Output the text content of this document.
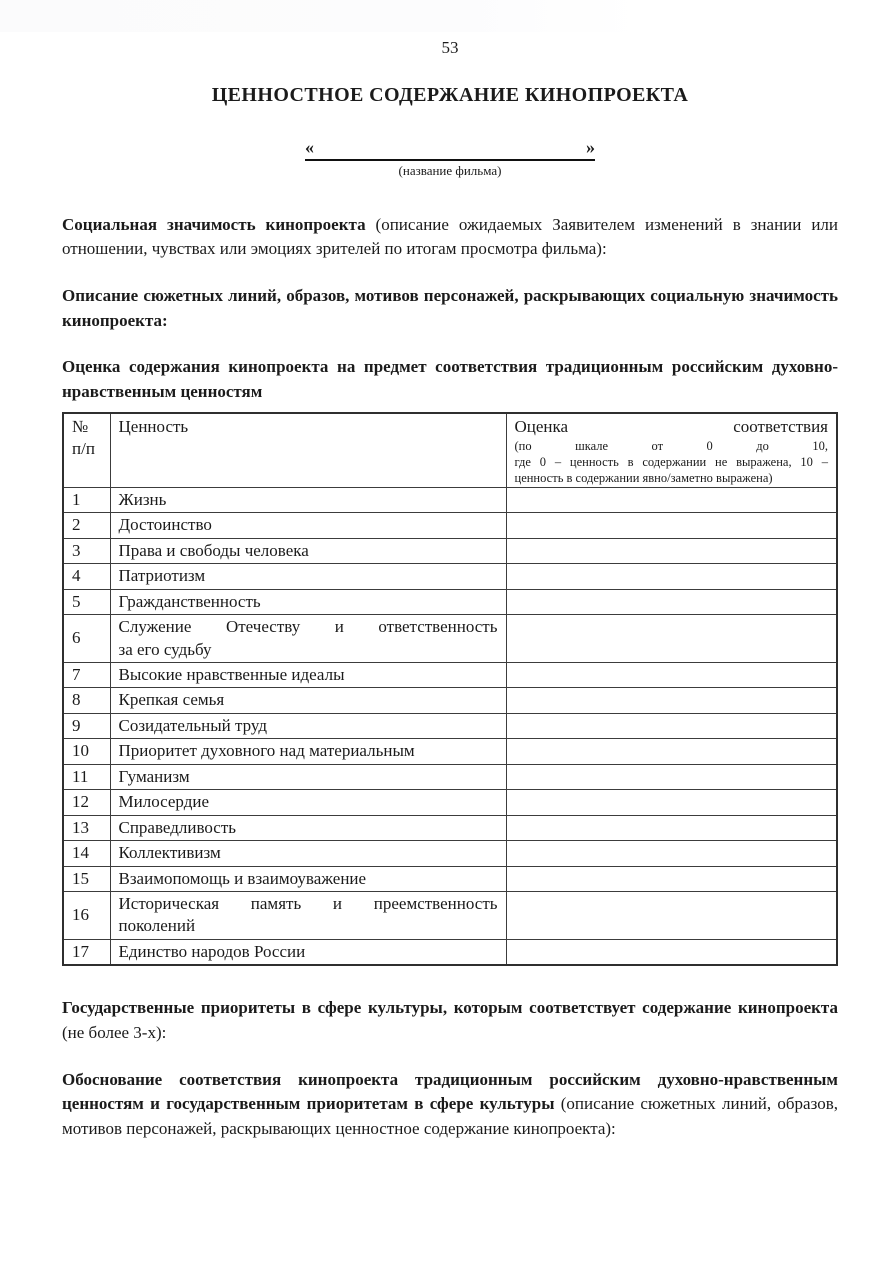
53
ЦЕННОСТНОЕ СОДЕРЖАНИЕ КИНОПРОЕКТА
«	»
(название фильма)

Социальная значимость кинопроекта (описание ожидаемых Заявителем изменений в знании или отношении, чувствах или эмоциях зрителей по итогам просмотра фильма):

Описание сюжетных линий, образов, мотивов персонажей, раскрывающих социальную значимость кинопроекта:

Оценка содержания кинопроекта на предмет соответствия традиционным российским духовно-нравственным ценностям

№
п/п
	Ценность	Оценка соответствия
(по шкале от 0 до 10,
где 0 – ценность в содержании не выражена, 10 – ценность в содержании явно/заметно выражена)

1	Жизнь	

2	Достоинство	

3	Права и свободы человека	

4	Патриотизм	

5	Гражданственность	

6	Служение Отечеству и ответственность
за его судьбу	

7	Высокие нравственные идеалы	

8	Крепкая семья	

9	Созидательный труд	

10	Приоритет духовного над материальным	

11	Гуманизм	

12	Милосердие	

13	Справедливость	

14	Коллективизм	

15	Взаимопомощь и взаимоуважение	

16	Историческая память и преемственность
поколений	

17	Единство народов России	

Государственные приоритеты в сфере культуры, которым соответствует содержание кинопроекта (не более 3-х):

Обоснование соответствия кинопроекта традиционным российским духовно-нравственным ценностям и государственным приоритетам в сфере культуры (описание сюжетных линий, образов, мотивов персонажей, раскрывающих ценностное содержание кинопроекта):
